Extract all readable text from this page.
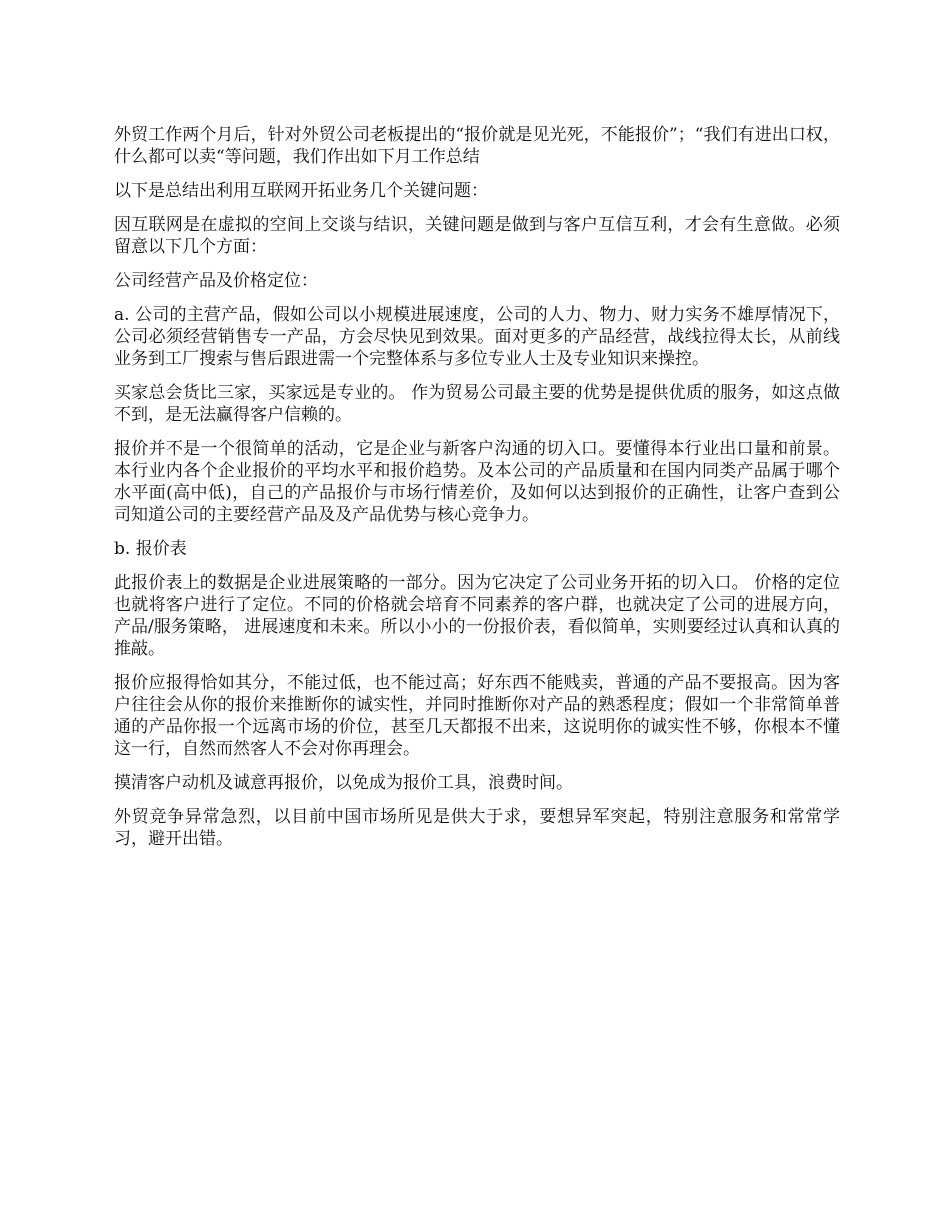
外贸工作两个月后，针对外贸公司老板提出的“报价就是见光死，不能报价”；“我们有进出口权，什么都可以卖“等问题，我们作出如下月工作总结

以下是总结出利用互联网开拓业务几个关键问题：

因互联网是在虚拟的空间上交谈与结识，关键问题是做到与客户互信互利，才会有生意做。必须留意以下几个方面：

公司经营产品及价格定位：

a. 公司的主营产品，假如公司以小规模进展速度，公司的人力、物力、财力实务不雄厚情况下，公司必须经营销售专一产品，方会尽快见到效果。面对更多的产品经营，战线拉得太长，从前线业务到工厂搜索与售后跟进需一个完整体系与多位专业人士及专业知识来操控。

买家总会货比三家，买家远是专业的。 作为贸易公司最主要的优势是提供优质的服务，如这点做不到，是无法赢得客户信赖的。

报价并不是一个很简单的活动，它是企业与新客户沟通的切入口。要懂得本行业出口量和前景。本行业内各个企业报价的平均水平和报价趋势。及本公司的产品质量和在国内同类产品属于哪个水平面(高中低)，自己的产品报价与市场行情差价，及如何以达到报价的正确性，让客户查到公司知道公司的主要经营产品及及产品优势与核心竞争力。

b. 报价表

此报价表上的数据是企业进展策略的一部分。因为它决定了公司业务开拓的切入口。 价格的定位也就将客户进行了定位。不同的价格就会培育不同素养的客户群，也就决定了公司的进展方向，产品/服务策略， 进展速度和未来。所以小小的一份报价表，看似简单，实则要经过认真和认真的推敲。

报价应报得恰如其分，不能过低，也不能过高；好东西不能贱卖，普通的产品不要报高。因为客户往往会从你的报价来推断你的诚实性，并同时推断你对产品的熟悉程度；假如一个非常简单普通的产品你报一个远离市场的价位，甚至几天都报不出来，这说明你的诚实性不够，你根本不懂这一行，自然而然客人不会对你再理会。

摸清客户动机及诚意再报价，以免成为报价工具，浪费时间。

外贸竞争异常急烈，以目前中国市场所见是供大于求，要想异军突起，特别注意服务和常常学习，避开出错。
